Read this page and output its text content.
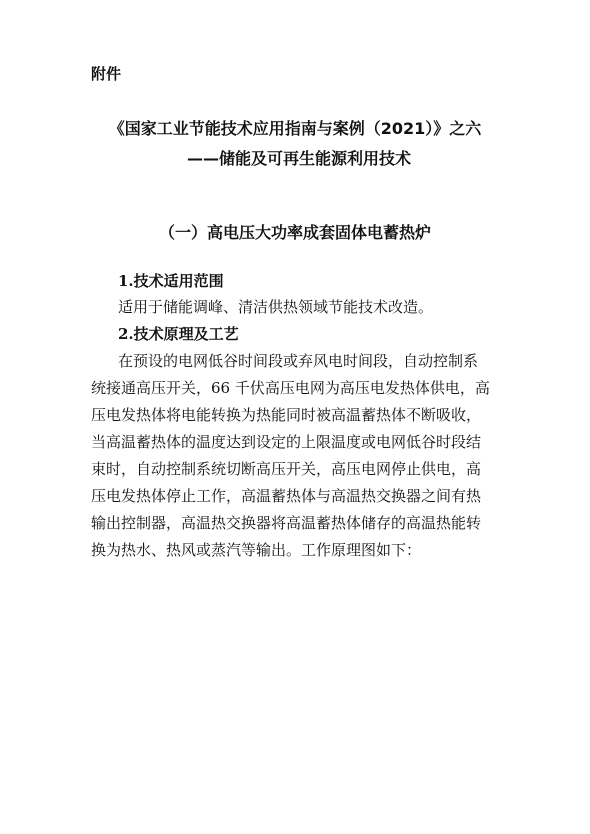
附件
《国家工业节能技术应用指南与案例（2021）》之六
——储能及可再生能源利用技术
（一）高电压大功率成套固体电蓄热炉
1.技术适用范围
适用于储能调峰、清洁供热领域节能技术改造。
2.技术原理及工艺
在预设的电网低谷时间段或弃风电时间段，自动控制系
统接通高压开关，66 千伏高压电网为高压电发热体供电，高
压电发热体将电能转换为热能同时被高温蓄热体不断吸收，
当高温蓄热体的温度达到设定的上限温度或电网低谷时段结
束时，自动控制系统切断高压开关，高压电网停止供电，高
压电发热体停止工作，高温蓄热体与高温热交换器之间有热
输出控制器，高温热交换器将高温蓄热体储存的高温热能转
换为热水、热风或蒸汽等输出。工作原理图如下：
